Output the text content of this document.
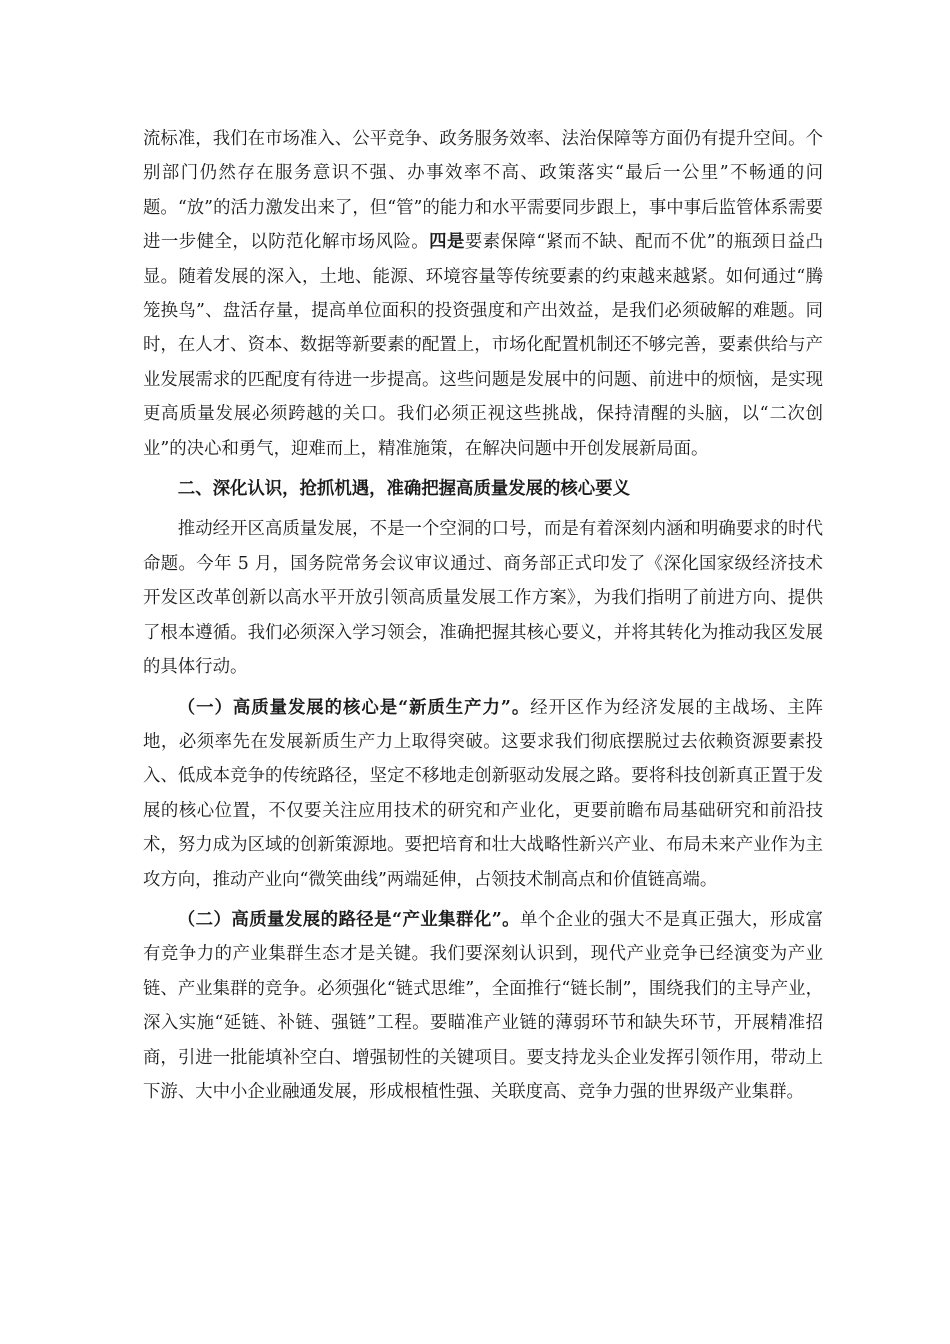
流标准，我们在市场准入、公平竞争、政务服务效率、法治保障等方面仍有提升空间。个别部门仍然存在服务意识不强、办事效率不高、政策落实“最后一公里”不畅通的问题。“放”的活力激发出来了，但“管”的能力和水平需要同步跟上，事中事后监管体系需要进一步健全，以防范化解市场风险。四是要素保障“紧而不缺、配而不优”的瓶颈日益凸显。随着发展的深入，土地、能源、环境容量等传统要素的约束越来越紧。如何通过“腾笼换鸟”、盘活存量，提高单位面积的投资强度和产出效益，是我们必须破解的难题。同时，在人才、资本、数据等新要素的配置上，市场化配置机制还不够完善，要素供给与产业发展需求的匹配度有待进一步提高。这些问题是发展中的问题、前进中的烦恼，是实现更高质量发展必须跨越的关口。我们必须正视这些挑战，保持清醒的头脑，以“二次创业”的决心和勇气，迎难而上，精准施策，在解决问题中开创发展新局面。

二、深化认识，抢抓机遇，准确把握高质量发展的核心要义

推动经开区高质量发展，不是一个空洞的口号，而是有着深刻内涵和明确要求的时代命题。今年 5 月，国务院常务会议审议通过、商务部正式印发了《深化国家级经济技术开发区改革创新以高水平开放引领高质量发展工作方案》，为我们指明了前进方向、提供了根本遵循。我们必须深入学习领会，准确把握其核心要义，并将其转化为推动我区发展的具体行动。

（一）高质量发展的核心是“新质生产力”。经开区作为经济发展的主战场、主阵地，必须率先在发展新质生产力上取得突破。这要求我们彻底摆脱过去依赖资源要素投入、低成本竞争的传统路径，坚定不移地走创新驱动发展之路。要将科技创新真正置于发展的核心位置，不仅要关注应用技术的研究和产业化，更要前瞻布局基础研究和前沿技术，努力成为区域的创新策源地。要把培育和壮大战略性新兴产业、布局未来产业作为主攻方向，推动产业向“微笑曲线”两端延伸，占领技术制高点和价值链高端。

（二）高质量发展的路径是“产业集群化”。单个企业的强大不是真正强大，形成富有竞争力的产业集群生态才是关键。我们要深刻认识到，现代产业竞争已经演变为产业链、产业集群的竞争。必须强化“链式思维”，全面推行“链长制”，围绕我们的主导产业，深入实施“延链、补链、强链”工程。要瞄准产业链的薄弱环节和缺失环节，开展精准招商，引进一批能填补空白、增强韧性的关键项目。要支持龙头企业发挥引领作用，带动上下游、大中小企业融通发展，形成根植性强、关联度高、竞争力强的世界级产业集群。
